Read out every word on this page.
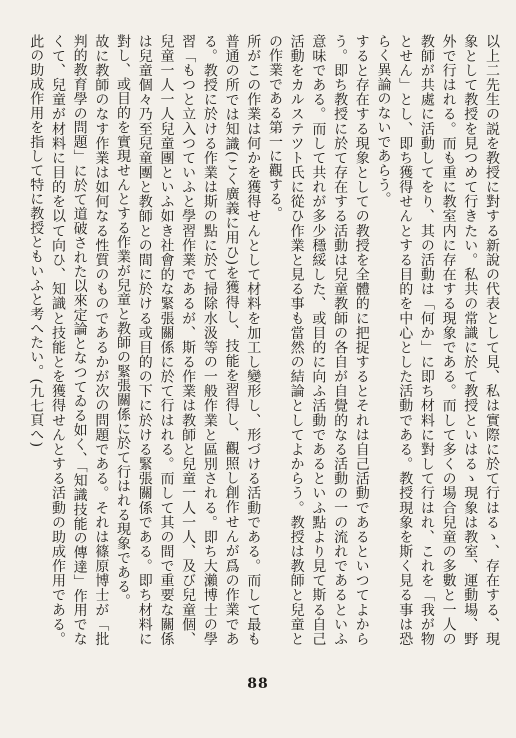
以上二先生の説を教授に對する新說の代表として見、私は實際に於て行はるゝ、存在する、現象として教授を見つめて行きたい。私共の常識に於て教授といはるゝ現象は教室、運動場、野外で行はれる。而も重に教室内に存在する現象である。而して多くの場合兒童の多數と一人の教師が共處に活動してをり、其の活動は「何か」に即ち材料に對して行はれ、これを「我が物とせん」とし、即ち獲得せんとする目的を中心とした活動である。教授現象を斯く見る事は恐らく異論のないであらう。

すると存在する現象としての教授を全體的に把捉するとそれは自己活動であるといつてよからう。即ち教授に於て存在する活動は兒童教師の各自が自覺的なる活動の一の流れであるといふ意味である。而して共れが多少穩綏した、或目的に向ふ活動であるといふ點より見て斯る自己活動をカルステツト氏に從ひ作業と見る事も當然の結論としてよからう。教授は教師と兒童との作業である第一に觀する。

所がこの作業は何かを獲得せんとして材料を加工し變形し、形づける活動である。而して最も普通の所では知識(こく廣義に用ひ)を獲得し、技能を習得し、觀照し創作せんが爲の作業である。教授に於ける作業は斯の點に於て掃除水汲等の一般作業と區別される。即ち大瀨博士の學習「もつと立入つていふと學習作業であるが、斯る作業は教師と兒童一人一人、及び兒童個、兒童一人一人兒童團といふ如き社會的な緊張關係に於て行はれる。而して其の間で重要な關係は兒童個々乃至兒童團と教師との間に於ける或目的の下に於ける緊張關係である。即ち材料に對し、或目的を實現せんとする作業が兒童と教師の緊張關係に於て行はれる現象である。

故に教師のなす作業は如何なる性質のものであるかが次の問題である。それは篠原博士が「批判的教育學の問題」に於て道破された以來定論となつてゐる如く、「知識技能の傳達」作用でなくて、兒童が材料に目的を以て向ひ、知識と技能とを獲得せんとする活動の助成作用である。此の助成作用を指して特に教授ともいふと考へたい。(九七頁へ)

88
